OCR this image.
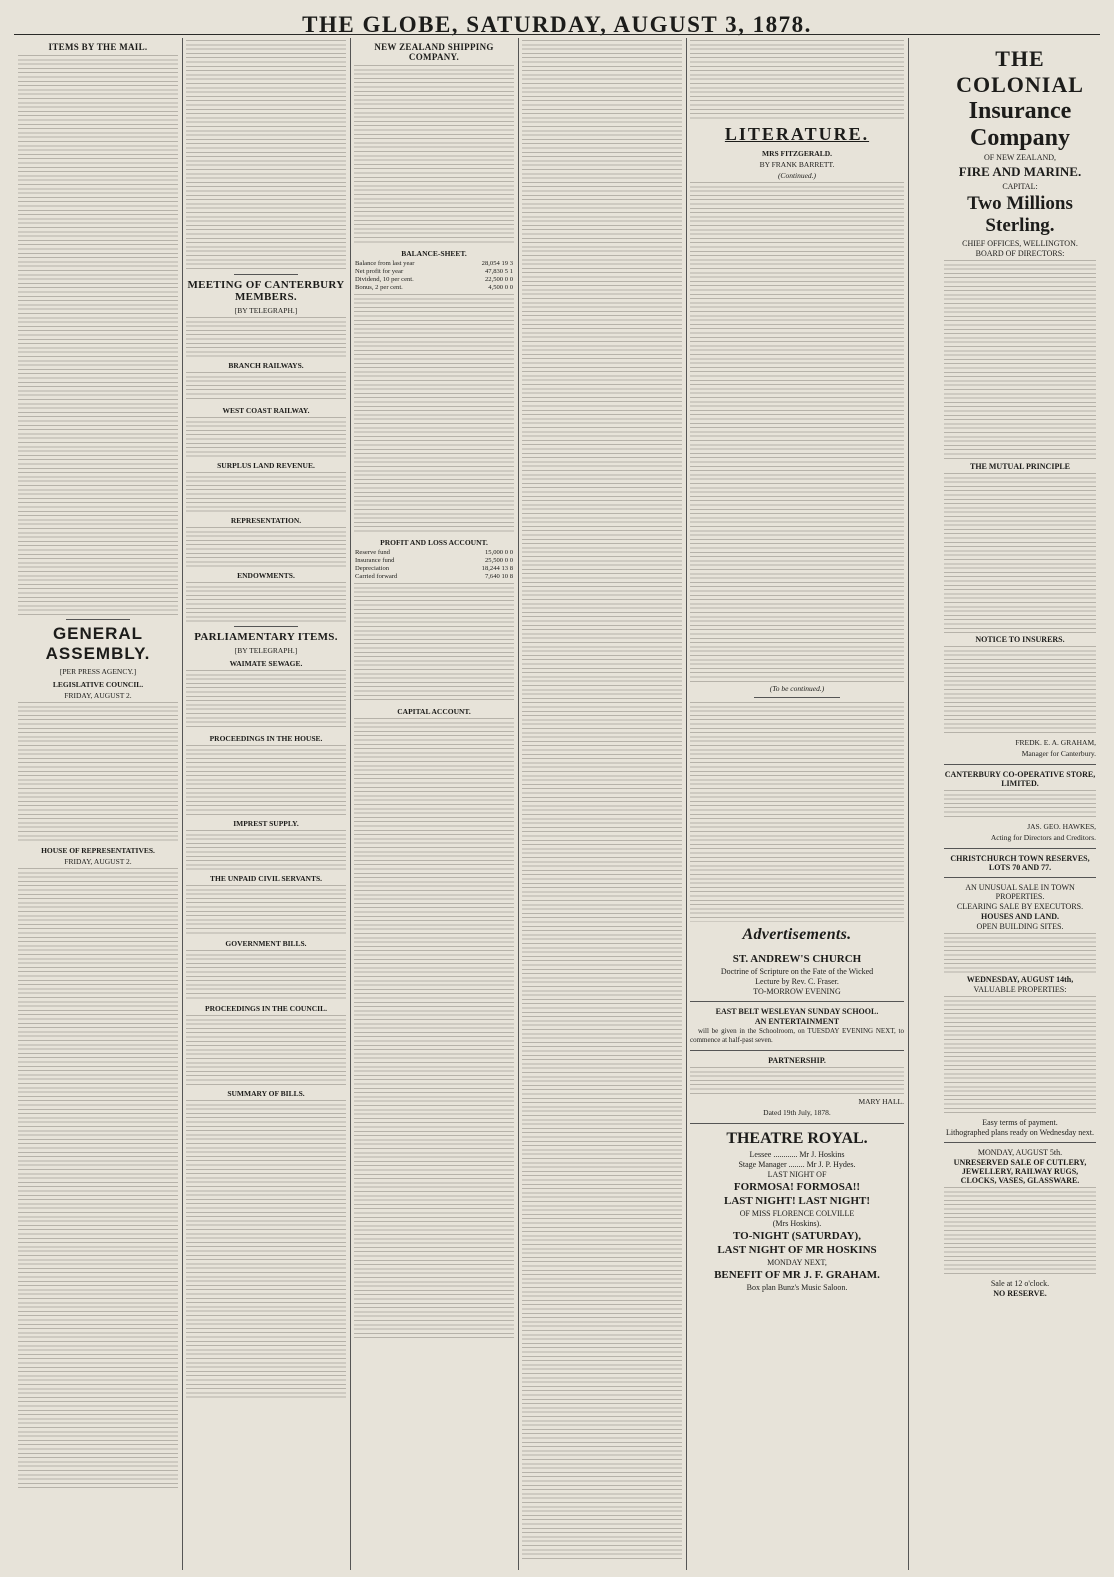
THE GLOBE, SATURDAY, AUGUST 3, 1878.
ITEMS BY THE MAIL.
GENERAL ASSEMBLY.
[PER PRESS AGENCY.]
LEGISLATIVE COUNCIL.
FRIDAY, AUGUST 2.
HOUSE OF REPRESENTATIVES.
FRIDAY, AUGUST 2.
MEETING OF CANTERBURY MEMBERS.
[BY TELEGRAPH.]
BRANCH RAILWAYS.
WEST COAST RAILWAY.
SURPLUS LAND REVENUE.
REPRESENTATION.
ENDOWMENTS.
PARLIAMENTARY ITEMS.
[BY TELEGRAPH.]
WAIMATE SEWAGE.
PROCEEDINGS IN THE HOUSE.
IMPREST SUPPLY.
THE UNPAID CIVIL SERVANTS.
GOVERNMENT BILLS.
PROCEEDINGS IN THE COUNCIL.
SUMMARY OF BILLS.
NEW ZEALAND SHIPPING COMPANY.
BALANCE-SHEET.
Balance from last year	28,054 19 3
Net profit for year	47,830 5 1
Dividend, 10 per cent.	22,500 0 0
Bonus, 2 per cent.	4,500 0 0
PROFIT AND LOSS ACCOUNT.
Reserve fund	15,000 0 0
Insurance fund	25,500 0 0
Depreciation	18,244 13 8
Carried forward	7,640 10 8
CAPITAL ACCOUNT.
LITERATURE.
MRS FITZGERALD.
BY FRANK BARRETT.
(Continued.)
(To be continued.)
Advertisements.
ST. ANDREW'S CHURCH
Doctrine of Scripture on the Fate of the Wicked
Lecture by Rev. C. Fraser.
TO-MORROW EVENING
EAST BELT WESLEYAN SUNDAY SCHOOL.
AN ENTERTAINMENT

will be given in the Schoolroom, on TUESDAY EVENING NEXT, to commence at half-past seven.

PARTNERSHIP.
MARY HALL.
Dated 19th July, 1878.
THEATRE ROYAL.
Lessee ............ Mr J. Hoskins
Stage Manager ........ Mr J. P. Hydes.
LAST NIGHT OF
FORMOSA! FORMOSA!!
LAST NIGHT! LAST NIGHT!
OF MISS FLORENCE COLVILLE
(Mrs Hoskins).
TO-NIGHT (SATURDAY),
LAST NIGHT OF MR HOSKINS
MONDAY NEXT,
BENEFIT OF MR J. F. GRAHAM.
Box plan Bunz's Music Saloon.
THE COLONIAL
Insurance Company
OF NEW ZEALAND,
FIRE AND MARINE.
CAPITAL:
Two Millions Sterling.
CHIEF OFFICES, WELLINGTON.
BOARD OF DIRECTORS:
THE MUTUAL PRINCIPLE
NOTICE TO INSURERS.
FREDK. E. A. GRAHAM,
Manager for Canterbury.
CANTERBURY CO-OPERATIVE STORE, LIMITED.
JAS. GEO. HAWKES,
Acting for Directors and Creditors.
CHRISTCHURCH TOWN RESERVES, LOTS 70 AND 77.
AN UNUSUAL SALE IN TOWN PROPERTIES.
CLEARING SALE BY EXECUTORS.
HOUSES AND LAND.
OPEN BUILDING SITES.
WEDNESDAY, AUGUST 14th,
VALUABLE PROPERTIES:
Easy terms of payment.
Lithographed plans ready on Wednesday next.
MONDAY, AUGUST 5th.
UNRESERVED SALE OF CUTLERY, JEWELLERY, RAILWAY RUGS, CLOCKS, VASES, GLASSWARE.
Sale at 12 o'clock.
NO RESERVE.
